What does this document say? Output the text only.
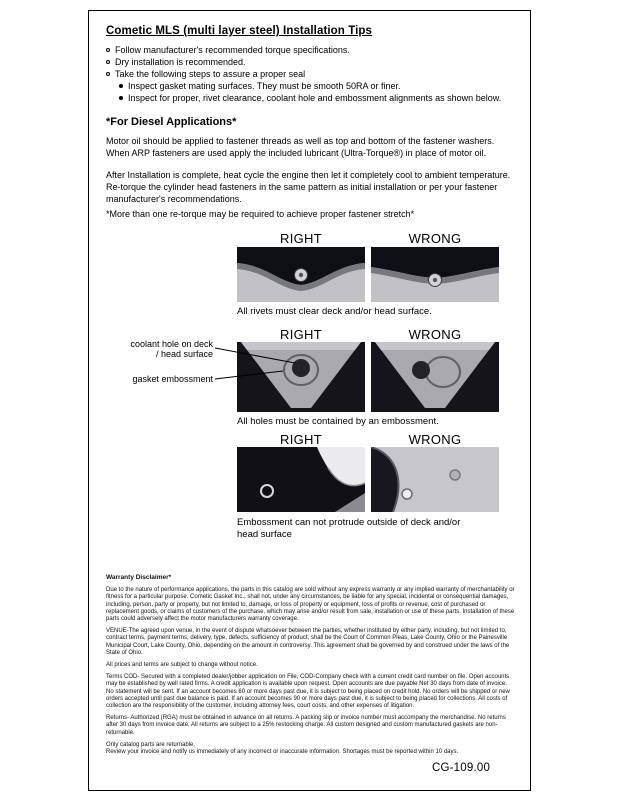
Cometic MLS (multi layer steel) Installation Tips
Follow manufacturer's recommended torque specifications.
Dry installation is recommended.
Take the following steps to assure a proper seal
Inspect gasket mating surfaces. They must be smooth 50RA or finer.
Inspect for proper, rivet clearance, coolant hole and embossment alignments as shown below.
*For Diesel Applications*
Motor oil should be applied to fastener threads as well as top and bottom of the fastener washers. When ARP fasteners are used apply the included lubricant (Ultra-Torque®) in place of motor oil.
After Installation is complete, heat cycle the engine then let it completely cool to ambient temperature. Re-torque the cylinder head fasteners in the same pattern as initial installation or per your fastener manufacturer's recommendations.
*More than one re-torque may be required to achieve proper fastener stretch*
RIGHT	WRONG
All rivets must clear deck and/or head surface.
RIGHT	WRONG
coolant hole on deck / head surface
gasket embossment
All holes must be contained by an embossment.
RIGHT	WRONG
Embossment can not protrude outside of deck and/or head surface
Warranty Disclaimer*

Due to the nature of performance applications, the parts in this catalog are sold without any express warranty or any implied warranty of merchantability or fitness for a particular purpose. Cometic Gasket Inc., shall not, under any circumstances, be liable for any special, incidental or consequential damages, including, person, party or property, but not limited to, damage, or loss of property or equipment, loss of profits or revenue, cost of purchased or replacement goods, or claims of customers of the purchase, which may arise and/or result from sale, installation or use of these parts. Installation of these parts could adversely affect the motor manufacturers warranty coverage.

VENUE-The agreed upon venue, in the event of dispute whatsoever between the parties, whether instituted by either party, including, but not limited to, contract terms, payment terms, delivery, type, defects, sufficiency of product, shall be the Court of Common Pleas, Lake County, Ohio or the Painesville Municipal Court, Lake County, Ohio, depending on the amount in controversy. This agreement shall be governed by and construed under the laws of the State of Ohio.

All prices and terms are subject to change without notice.

Terms COD- Secured with a completed dealer/jobber application on File, COD-Company check with a current credit card number on file. Open accounts may be established by well rated firms. A credit application is available upon request. Open accounts are due payable Net 30 days from date of invoice. No statement will be sent. If an account becomes 60 or more days past due, it is subject to being placed on credit hold. No orders will be shipped or new orders accepted until past due balance is paid. If an account becomes 90 or more days past due, it is subject to being placed for collections. All costs of collection are the responsibility of the customer, including attorney fees, court costs, and other expenses of litigation.

Returns- Authorized (RGA) must be obtained in advance on all returns. A packing slip or invoice number must accompany the merchandise. No returns after 30 days from invoice date. All returns are subject to a 25% restocking charge. All custom designed and custom manufactured gaskets are non-returnable.

Only catalog parts are returnable.

Review your invoice and notify us immediately of any incorrect or inaccurate information. Shortages must be reported within 10 days.

CG-109.00
